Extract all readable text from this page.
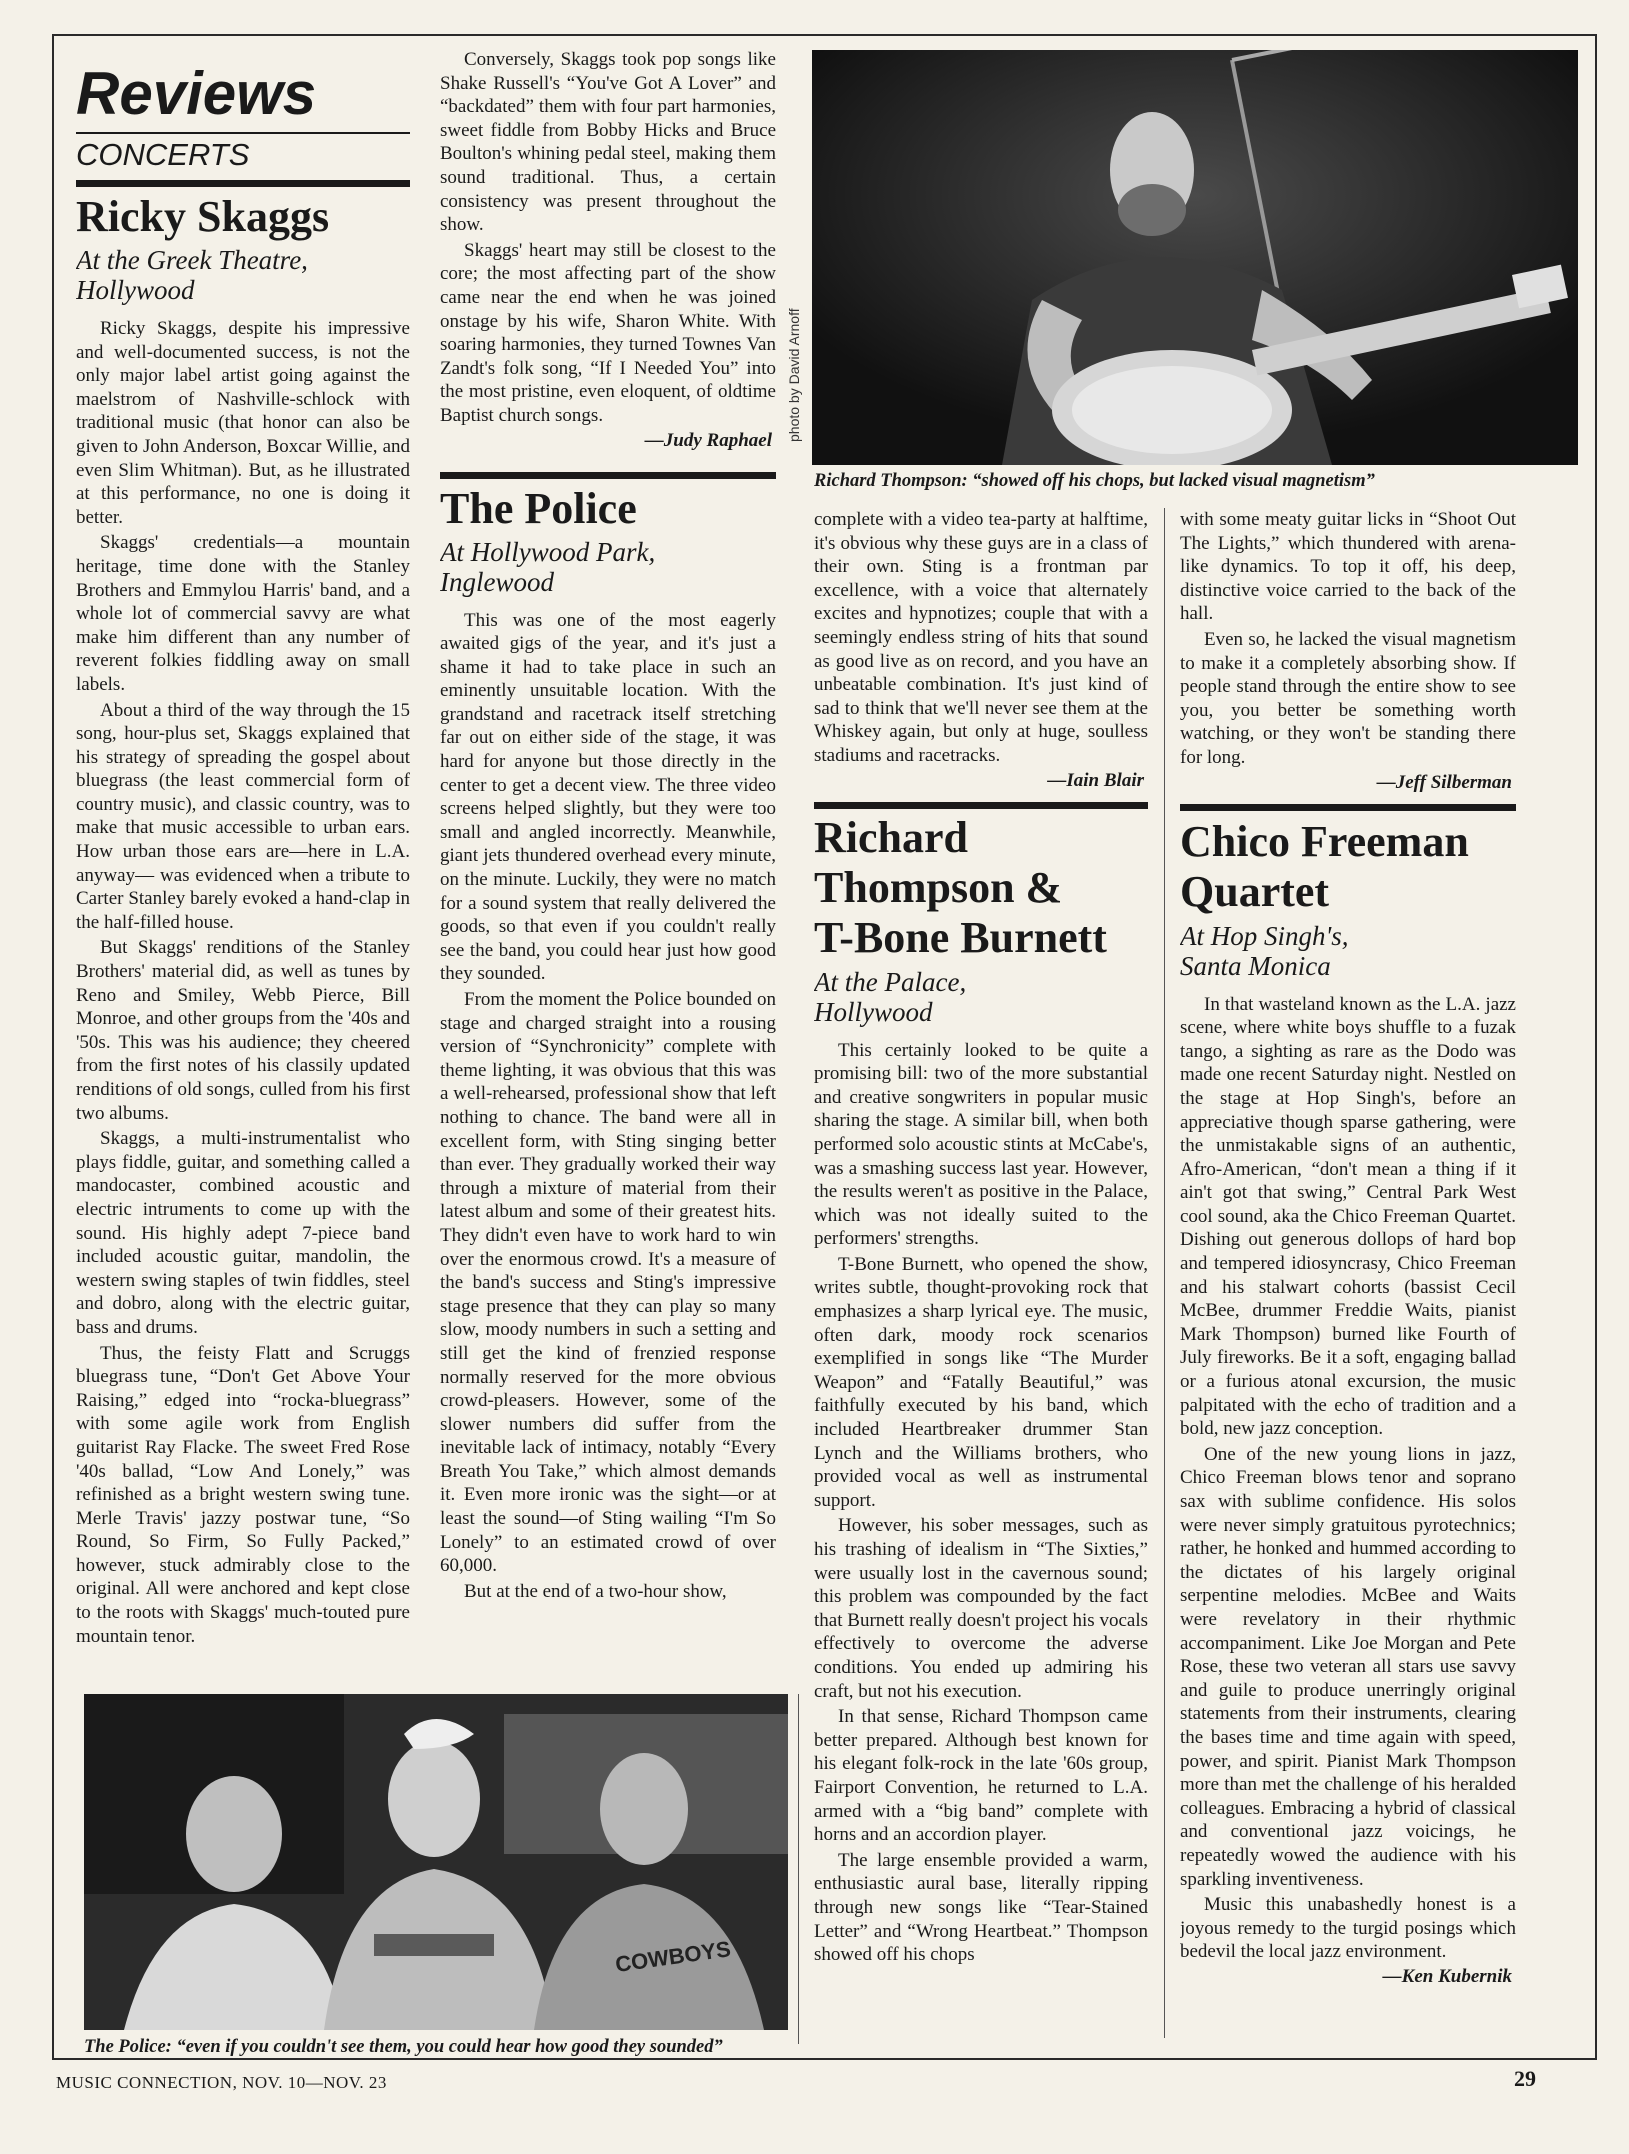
Reviews
CONCERTS
Ricky Skaggs
At the Greek Theatre,
Hollywood

Ricky Skaggs, despite his impressive and well-documented success, is not the only major label artist going against the maelstrom of Nashville-schlock with traditional music (that honor can also be given to John Anderson, Boxcar Willie, and even Slim Whitman). But, as he illustrated at this performance, no one is doing it better.

Skaggs' credentials—a mountain heritage, time done with the Stanley Brothers and Emmylou Harris' band, and a whole lot of commercial savvy are what make him different than any number of reverent folkies fiddling away on small labels.

About a third of the way through the 15 song, hour-plus set, Skaggs explained that his strategy of spreading the gospel about bluegrass (the least commercial form of country music), and classic country, was to make that music accessible to urban ears. How urban those ears are—here in L.A. anyway— was evidenced when a tribute to Carter Stanley barely evoked a hand-clap in the half-filled house.

But Skaggs' renditions of the Stanley Brothers' material did, as well as tunes by Reno and Smiley, Webb Pierce, Bill Monroe, and other groups from the '40s and '50s. This was his audience; they cheered from the first notes of his classily updated renditions of old songs, culled from his first two albums.

Skaggs, a multi-instrumentalist who plays fiddle, guitar, and something called a mandocaster, combined acoustic and electric intruments to come up with the sound. His highly adept 7-piece band included acoustic guitar, mandolin, the western swing staples of twin fiddles, steel and dobro, along with the electric guitar, bass and drums.

Thus, the feisty Flatt and Scruggs bluegrass tune, “Don't Get Above Your Raising,” edged into “rocka-bluegrass” with some agile work from English guitarist Ray Flacke. The sweet Fred Rose '40s ballad, “Low And Lonely,” was refinished as a bright western swing tune. Merle Travis' jazzy postwar tune, “So Round, So Firm, So Fully Packed,” however, stuck admirably close to the original. All were anchored and kept close to the roots with Skaggs' much-touted pure mountain tenor.

Conversely, Skaggs took pop songs like Shake Russell's “You've Got A Lover” and “backdated” them with four part harmonies, sweet fiddle from Bobby Hicks and Bruce Boulton's whining pedal steel, making them sound traditional. Thus, a certain consistency was present throughout the show.

Skaggs' heart may still be closest to the core; the most affecting part of the show came near the end when he was joined onstage by his wife, Sharon White. With soaring harmonies, they turned Townes Van Zandt's folk song, “If I Needed You” into the most pristine, even eloquent, of oldtime Baptist church songs.

—Judy Raphael
The Police
At Hollywood Park,
Inglewood

This was one of the most eagerly awaited gigs of the year, and it's just a shame it had to take place in such an eminently unsuitable location. With the grandstand and racetrack itself stretching far out on either side of the stage, it was hard for anyone but those directly in the center to get a decent view. The three video screens helped slightly, but they were too small and angled incorrectly. Meanwhile, giant jets thundered overhead every minute, on the minute. Luckily, they were no match for a sound system that really delivered the goods, so that even if you couldn't really see the band, you could hear just how good they sounded.

From the moment the Police bounded on stage and charged straight into a rousing version of “Synchronicity” complete with theme lighting, it was obvious that this was a well-rehearsed, professional show that left nothing to chance. The band were all in excellent form, with Sting singing better than ever. They gradually worked their way through a mixture of material from their latest album and some of their greatest hits. They didn't even have to work hard to win over the enormous crowd. It's a measure of the band's success and Sting's impressive stage presence that they can play so many slow, moody numbers in such a setting and still get the kind of frenzied response normally reserved for the more obvious crowd-pleasers. However, some of the slower numbers did suffer from the inevitable lack of intimacy, notably “Every Breath You Take,” which almost demands it. Even more ironic was the sight—or at least the sound—of Sting wailing “I'm So Lonely” to an estimated crowd of over 60,000.

But at the end of a two-hour show,

photo by David Arnoff
Richard Thompson: “showed off his chops, but lacked visual magnetism”

complete with a video tea-party at halftime, it's obvious why these guys are in a class of their own. Sting is a frontman par excellence, with a voice that alternately excites and hypnotizes; couple that with a seemingly endless string of hits that sound as good live as on record, and you have an unbeatable combination. It's just kind of sad to think that we'll never see them at the Whiskey again, but only at huge, soulless stadiums and racetracks.

—Iain Blair
Richard
Thompson &
T-Bone Burnett
At the Palace,
Hollywood

This certainly looked to be quite a promising bill: two of the more substantial and creative songwriters in popular music sharing the stage. A similar bill, when both performed solo acoustic stints at McCabe's, was a smashing success last year. However, the results weren't as positive in the Palace, which was not ideally suited to the performers' strengths.

T-Bone Burnett, who opened the show, writes subtle, thought-provoking rock that emphasizes a sharp lyrical eye. The music, often dark, moody rock scenarios exemplified in songs like “The Murder Weapon” and “Fatally Beautiful,” was faithfully executed by his band, which included Heartbreaker drummer Stan Lynch and the Williams brothers, who provided vocal as well as instrumental support.

However, his sober messages, such as his trashing of idealism in “The Sixties,” were usually lost in the cavernous sound; this problem was compounded by the fact that Burnett really doesn't project his vocals effectively to overcome the adverse conditions. You ended up admiring his craft, but not his execution.

In that sense, Richard Thompson came better prepared. Although best known for his elegant folk-rock in the late '60s group, Fairport Convention, he returned to L.A. armed with a “big band” complete with horns and an accordion player.

The large ensemble provided a warm, enthusiastic aural base, literally ripping through new songs like “Tear-Stained Letter” and “Wrong Heartbeat.” Thompson showed off his chops

with some meaty guitar licks in “Shoot Out The Lights,” which thundered with arena-like dynamics. To top it off, his deep, distinctive voice carried to the back of the hall.

Even so, he lacked the visual magnetism to make it a completely absorbing show. If people stand through the entire show to see you, you better be something worth watching, or they won't be standing there for long.

—Jeff Silberman
Chico Freeman
Quartet
At Hop Singh's,
Santa Monica

In that wasteland known as the L.A. jazz scene, where white boys shuffle to a fuzak tango, a sighting as rare as the Dodo was made one recent Saturday night. Nestled on the stage at Hop Singh's, before an appreciative though sparse gathering, were the unmistakable signs of an authentic, Afro-American, “don't mean a thing if it ain't got that swing,” Central Park West cool sound, aka the Chico Freeman Quartet. Dishing out generous dollops of hard bop and tempered idiosyncrasy, Chico Freeman and his stalwart cohorts (bassist Cecil McBee, drummer Freddie Waits, pianist Mark Thompson) burned like Fourth of July fireworks. Be it a soft, engaging ballad or a furious atonal excursion, the music palpitated with the echo of tradition and a bold, new jazz conception.

One of the new young lions in jazz, Chico Freeman blows tenor and soprano sax with sublime confidence. His solos were never simply gratuitous pyrotechnics; rather, he honked and hummed according to the dictates of his largely original serpentine melodies. McBee and Waits were revelatory in their rhythmic accompaniment. Like Joe Morgan and Pete Rose, these two veteran all stars use savvy and guile to produce unerringly original statements from their instruments, clearing the bases time and time again with speed, power, and spirit. Pianist Mark Thompson more than met the challenge of his heralded colleagues. Embracing a hybrid of classical and conventional jazz voicings, he repeatedly wowed the audience with his sparkling inventiveness.

Music this unabashedly honest is a joyous remedy to the turgid posings which bedevil the local jazz environment.

—Ken Kubernik
COWBOYS
The Police: “even if you couldn't see them, you could hear how good they sounded”
MUSIC CONNECTION, NOV. 10—NOV. 23	29
